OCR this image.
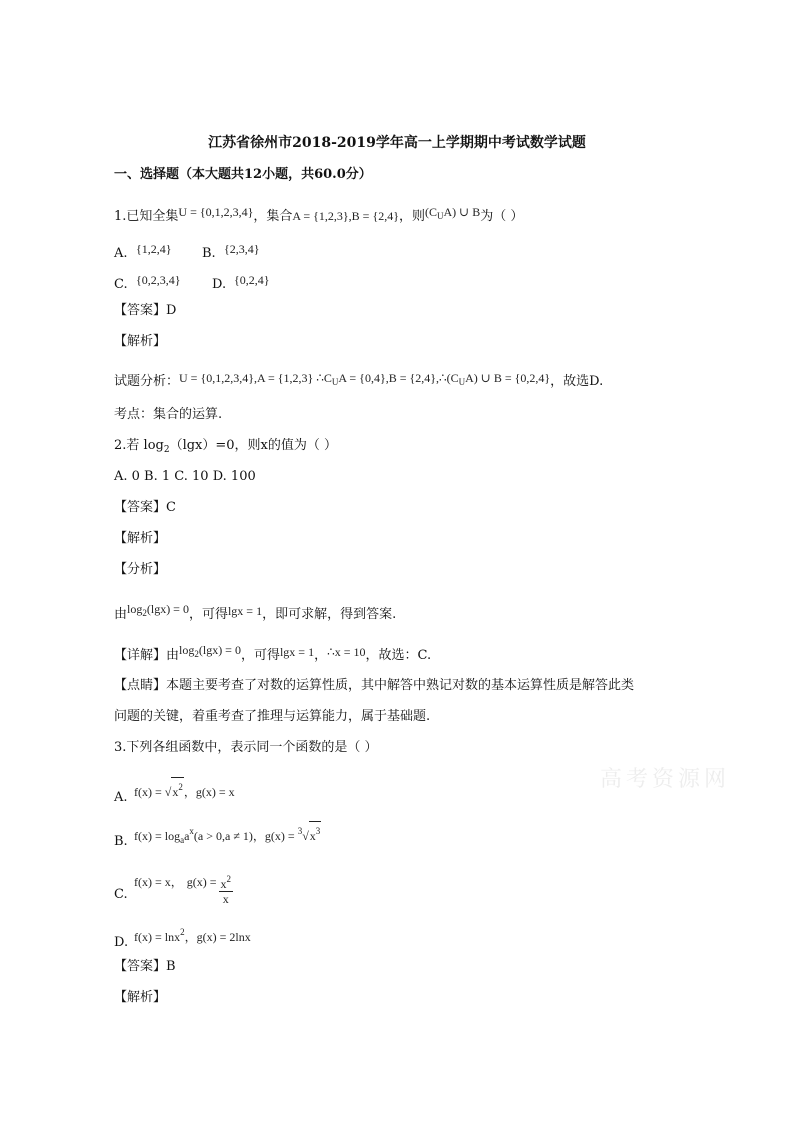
江苏省徐州市2018-2019学年高一上学期期中考试数学试题
一、选择题（本大题共12小题，共60.0分）
1.已知全集U = {0,1,2,3,4}，集合A = {1,2,3},B = {2,4}，则$(C_UA)$ ∪ B为（ ）
A. {1,2,4} B. {2,3,4}
C. {0,2,3,4} D. {0,2,4}
【答案】D
【解析】
试题分析：U = {0,1,2,3,4},A = {1,2,3} $\therefore C_UA = \{0,4\},B$ = $\{2,4\},\therefore(C_UA)$ ∪ B = {0,2,4}，故选D.
考点：集合的运算.
2.若 $\log_2(\lg x)=0$，则x的值为（ ）
A. 0 B. 1 C. 10 D. 100
【答案】C
【解析】
【分析】
由$\log_2(\lg x) = 0$，可得lgx = 1，即可求解，得到答案.
【详解】由$\log_2(\lg x) = 0$，可得lgx = 1，∴x = 10，故选：C.
【点睛】本题主要考查了对数的运算性质，其中解答中熟记对数的基本运算性质是解答此类
问题的关键，着重考查了推理与运算能力，属于基础题.
3.下列各组函数中，表示同一个函数的是（ ）
A. $f(x) = √x^2$，g(x) = x
B. $f(x) = \log_aa^x(a > 0,a \ne 1)$，$g(x) = ^3√x^3$
C.f(x) = x， $g(x) = \frac{x^2}{x}$
D. f(x) = lnx$^2$，g(x) = 2lnx
【答案】B
【解析】
高考资源网
